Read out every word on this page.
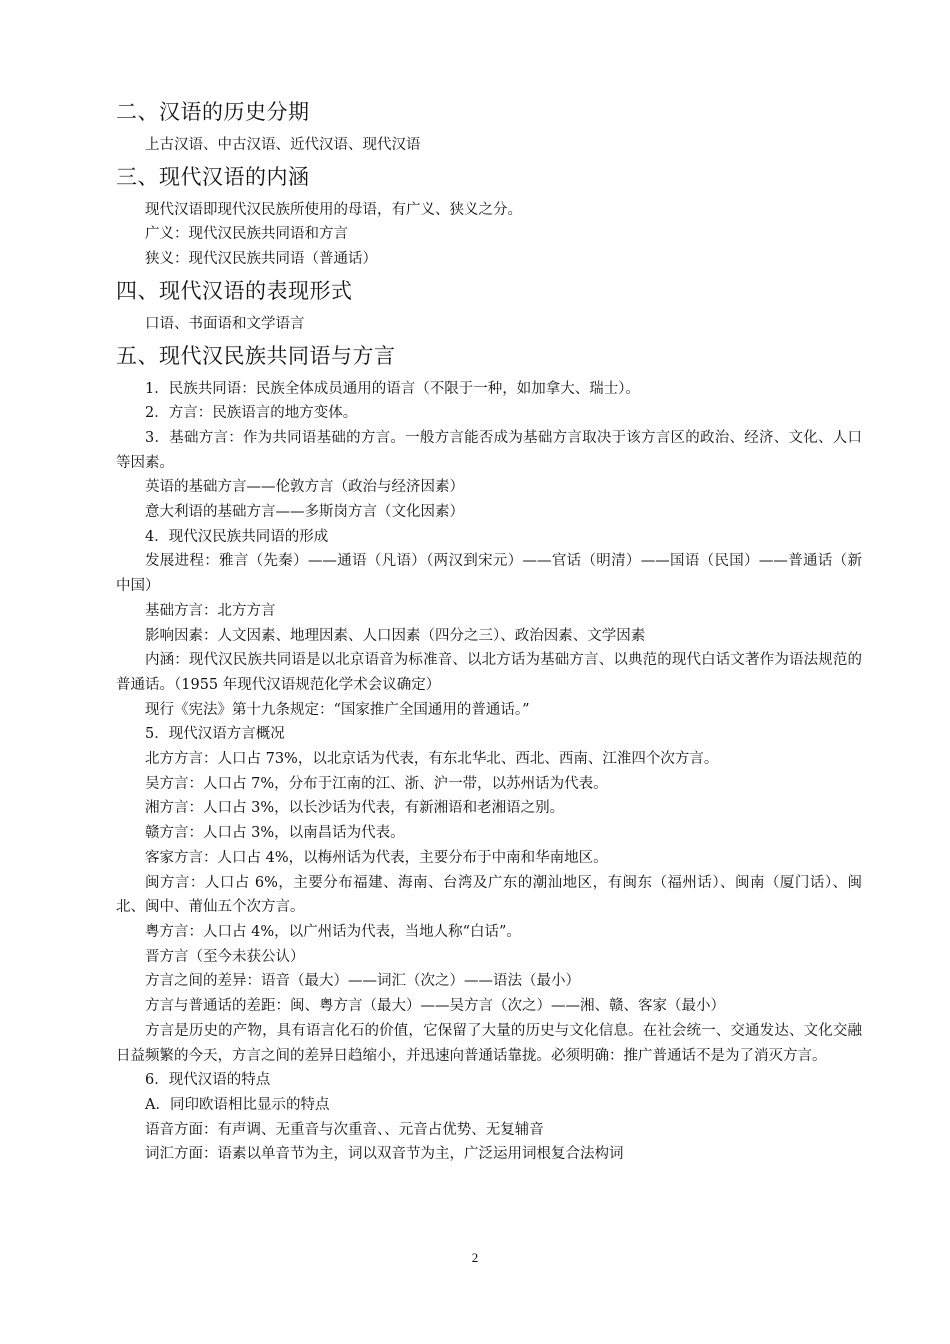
二、汉语的历史分期

上古汉语、中古汉语、近代汉语、现代汉语

三、现代汉语的内涵

现代汉语即现代汉民族所使用的母语，有广义、狭义之分。

广义：现代汉民族共同语和方言

狭义：现代汉民族共同语（普通话）

四、现代汉语的表现形式

口语、书面语和文学语言

五、现代汉民族共同语与方言

1．民族共同语：民族全体成员通用的语言（不限于一种，如加拿大、瑞士）。

2．方言：民族语言的地方变体。

3．基础方言：作为共同语基础的方言。一般方言能否成为基础方言取决于该方言区的政治、经济、文化、人口等因素。

英语的基础方言——伦敦方言（政治与经济因素）

意大利语的基础方言——多斯岗方言（文化因素）

4．现代汉民族共同语的形成

发展进程：雅言（先秦）——通语（凡语）（两汉到宋元）——官话（明清）——国语（民国）——普通话（新中国）

基础方言：北方方言

影响因素：人文因素、地理因素、人口因素（四分之三）、政治因素、文学因素

内涵：现代汉民族共同语是以北京语音为标准音、以北方话为基础方言、以典范的现代白话文著作为语法规范的普通话。（1955 年现代汉语规范化学术会议确定）

现行《宪法》第十九条规定：“国家推广全国通用的普通话。”

5．现代汉语方言概况

北方方言：人口占 73%，以北京话为代表，有东北华北、西北、西南、江淮四个次方言。

吴方言：人口占 7%，分布于江南的江、浙、沪一带，以苏州话为代表。

湘方言：人口占 3%，以长沙话为代表，有新湘语和老湘语之别。

赣方言：人口占 3%，以南昌话为代表。

客家方言：人口占 4%，以梅州话为代表，主要分布于中南和华南地区。

闽方言：人口占 6%，主要分布福建、海南、台湾及广东的潮汕地区，有闽东（福州话）、闽南（厦门话）、闽北、闽中、莆仙五个次方言。

粤方言：人口占 4%，以广州话为代表，当地人称“白话”。

晋方言（至今未获公认）

方言之间的差异：语音（最大）——词汇（次之）——语法（最小）

方言与普通话的差距：闽、粤方言（最大）——吴方言（次之）——湘、赣、客家（最小）

方言是历史的产物，具有语言化石的价值，它保留了大量的历史与文化信息。在社会统一、交通发达、文化交融日益频繁的今天，方言之间的差异日趋缩小，并迅速向普通话靠拢。必须明确：推广普通话不是为了消灭方言。

6．现代汉语的特点

A．同印欧语相比显示的特点

语音方面：有声调、无重音与次重音、、元音占优势、无复辅音

词汇方面：语素以单音节为主，词以双音节为主，广泛运用词根复合法构词

2
